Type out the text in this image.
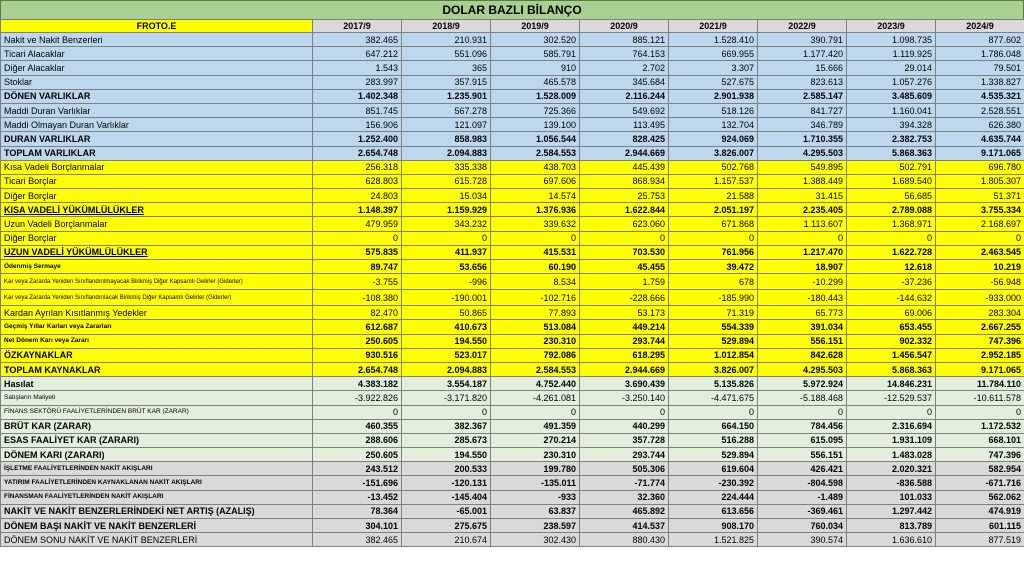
DOLAR BAZLI BİLANÇO
FROTO.E	2017/9	2018/9	2019/9	2020/9	2021/9	2022/9	2023/9	2024/9
Nakit ve Nakit Benzerleri	382.465	210.931	302.520	885.121	1.528.410	390.791	1.098.735	877.602
Ticari Alacaklar	647.212	551.096	585.791	764.153	669.955	1.177.420	1.119.925	1.786.048
Diğer Alacaklar	1.543	365	910	2.702	3.307	15.666	29.014	79.501
Stoklar	283.997	357.915	465.578	345.684	527.675	823.613	1.057.276	1.338.827
DÖNEN VARLIKLAR	1.402.348	1.235.901	1.528.009	2.116.244	2.901.938	2.585.147	3.485.609	4.535.321
Maddi Duran Varlıklar	851.745	567.278	725.366	549.692	518.126	841.727	1.160.041	2.528.551
Maddi Olmayan Duran Varlıklar	156.906	121.097	139.100	113.495	132.704	346.789	394.328	626.380
DURAN VARLIKLAR	1.252.400	858.983	1.056.544	828.425	924.069	1.710.355	2.382.753	4.635.744
TOPLAM VARLIKLAR	2.654.748	2.094.883	2.584.553	2.944.669	3.826.007	4.295.503	5.868.363	9.171.065
Kısa Vadeli Borçlanmalar	256.318	335.338	438.703	445.439	502.768	549.895	502.791	696.780
Ticari Borçlar	628.803	615.728	697.606	868.934	1.157.537	1.388.449	1.689.540	1.805.307
Diğer Borçlar	24.803	15.034	14.574	25.753	21.588	31.415	56.685	51.371
KISA VADELİ YÜKÜMLÜLÜKLER	1.148.397	1.159.929	1.376.936	1.622.844	2.051.197	2.235.405	2.789.088	3.755.334
Uzun Vadeli Borçlanmalar	479.959	343.232	339.632	623.060	671.868	1.113.607	1.368.971	2.168.697
Diğer Borçlar	0	0	0	0	0	0	0	0
UZUN VADELİ YÜKÜMLÜLÜKLER	575.835	411.937	415.531	703.530	761.956	1.217.470	1.622.728	2.463.545
Ödenmiş Sermaye	89.747	53.656	60.190	45.455	39.472	18.907	12.618	10.219
Kar veya Zararda Yeniden Sınıflandırılmayacak Birikmiş Diğer Kapsamlı Gelirler (Giderler)	-3.755	-996	8.534	1.759	678	-10.299	-37.236	-56.948
Kar veya Zararda Yeniden Sınıflandırılacak Birikmiş Diğer Kapsamlı Gelirler (Giderler)	-108.380	-190.001	-102.716	-228.666	-185.990	-180.443	-144.632	-933.000
Kardan Ayrılan Kısıtlanmış Yedekler	82.470	50.865	77.893	53.173	71.319	65.773	69.006	283.304
Geçmiş Yıllar Karları veya Zararları	612.687	410.673	513.084	449.214	554.339	391.034	653.455	2.667.255
Net Dönem Karı veya Zararı	250.605	194.550	230.310	293.744	529.894	556.151	902.332	747.396
ÖZKAYNAKLAR	930.516	523.017	792.086	618.295	1.012.854	842.628	1.456.547	2.952.185
TOPLAM KAYNAKLAR	2.654.748	2.094.883	2.584.553	2.944.669	3.826.007	4.295.503	5.868.363	9.171.065
Hasılat	4.383.182	3.554.187	4.752.440	3.690.439	5.135.826	5.972.924	14.846.231	11.784.110
Satışların Maliyeti	-3.922.826	-3.171.820	-4.261.081	-3.250.140	-4.471.675	-5.188.468	-12.529.537	-10.611.578
FİNANS SEKTÖRÜ FAALİYETLERİNDEN BRÜT KAR (ZARAR)	0	0	0	0	0	0	0	0
BRÜT KAR (ZARAR)	460.355	382.367	491.359	440.299	664.150	784.456	2.316.694	1.172.532
ESAS FAALİYET KAR (ZARARI)	288.606	285.673	270.214	357.728	516.288	615.095	1.931.109	668.101
DÖNEM KARI (ZARARI)	250.605	194.550	230.310	293.744	529.894	556.151	1.483.028	747.396
İŞLETME FAALİYETLERİNDEN NAKİT AKIŞLARI	243.512	200.533	199.780	505.306	619.604	426.421	2.020.321	582.954
YATIRIM FAALİYETLERİNDEN KAYNAKLANAN NAKİT AKIŞLARI	-151.696	-120.131	-135.011	-71.774	-230.392	-804.598	-836.588	-671.716
FİNANSMAN FAALİYETLERİNDEN NAKİT AKIŞLARI	-13.452	-145.404	-933	32.360	224.444	-1.489	101.033	562.062
NAKİT VE NAKİT BENZERLERİNDEKİ NET ARTIŞ (AZALIŞ)	78.364	-65.001	63.837	465.892	613.656	-369.461	1.297.442	474.919
DÖNEM BAŞI NAKİT VE NAKİT BENZERLERİ	304.101	275.675	238.597	414.537	908.170	760.034	813.789	601.115
DÖNEM SONU NAKİT VE NAKİT BENZERLERİ	382.465	210.674	302.430	880.430	1.521.825	390.574	1.636.610	877.519
